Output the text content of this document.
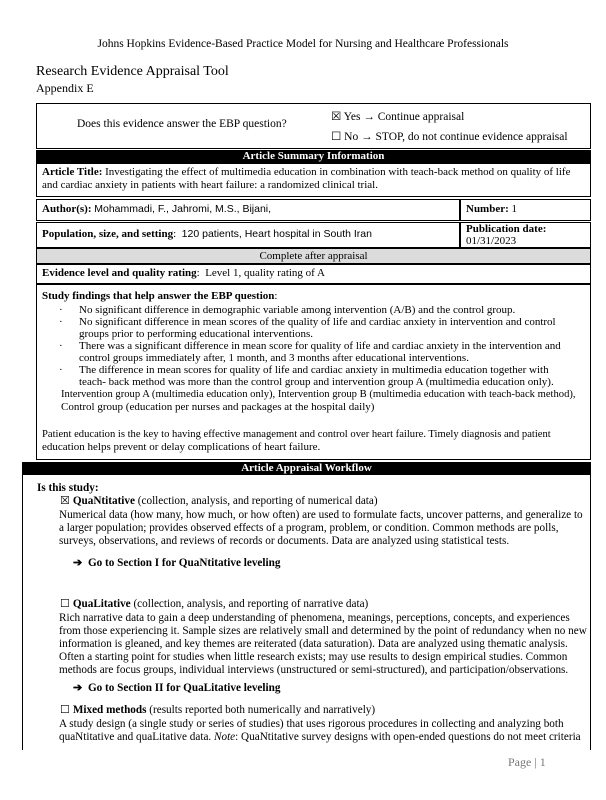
Johns Hopkins Evidence-Based Practice Model for Nursing and Healthcare Professionals
Research Evidence Appraisal Tool
Appendix E
Does this evidence answer the EBP question?
☒ Yes → Continue appraisal
☐ No → STOP, do not continue evidence appraisal
Article Summary Information
Article Title: Investigating the effect of multimedia education in combination with teach-back method on quality of life and cardiac anxiety in patients with heart failure: a randomized clinical trial.
Author(s): Mohammadi, F., Jahromi, M.S., Bijani,	Number: 1
Population, size, and setting:  120 patients, Heart hospital in South Iran	Publication date:
01/31/2023
Complete after appraisal
Evidence level and quality rating:  Level 1, quality rating of A
Study findings that help answer the EBP question:
· No significant difference in demographic variable among intervention (A/B) and the control group.
· No significant difference in mean scores of the quality of life and cardiac anxiety in intervention and control
groups prior to performing educational interventions.
· There was a significant difference in mean score for quality of life and cardiac anxiety in the intervention and
control groups immediately after, 1 month, and 3 months after educational interventions.
· The difference in mean scores for quality of life and cardiac anxiety in multimedia education together with
teach- back method was more than the control group and intervention group A (multimedia education only).
Intervention group A (multimedia education only), Intervention group B (multimedia education with teach-back method),
Control group (education per nurses and packages at the hospital daily)
Patient education is the key to having effective management and control over heart failure. Timely diagnosis and patient
education helps prevent or delay complications of heart failure.
Article Appraisal Workflow
Is this study:
☒ QuaNtitative (collection, analysis, and reporting of numerical data)
Numerical data (how many, how much, or how often) are used to formulate facts, uncover patterns, and generalize to
a larger population; provides observed effects of a program, problem, or condition. Common methods are polls,
surveys, observations, and reviews of records or documents. Data are analyzed using statistical tests.
➔ Go to Section I for QuaNtitative leveling
☐ QuaLitative (collection, analysis, and reporting of narrative data)
Rich narrative data to gain a deep understanding of phenomena, meanings, perceptions, concepts, and experiences
from those experiencing it. Sample sizes are relatively small and determined by the point of redundancy when no new
information is gleaned, and key themes are reiterated (data saturation). Data are analyzed using thematic analysis.
Often a starting point for studies when little research exists; may use results to design empirical studies. Common
methods are focus groups, individual interviews (unstructured or semi-structured), and participation/observations.
➔ Go to Section II for QuaLitative leveling
☐ Mixed methods (results reported both numerically and narratively)
A study design (a single study or series of studies) that uses rigorous procedures in collecting and analyzing both
quaNtitative and quaLitative data. Note: QuaNtitative survey designs with open-ended questions do not meet criteria
Page | 1
